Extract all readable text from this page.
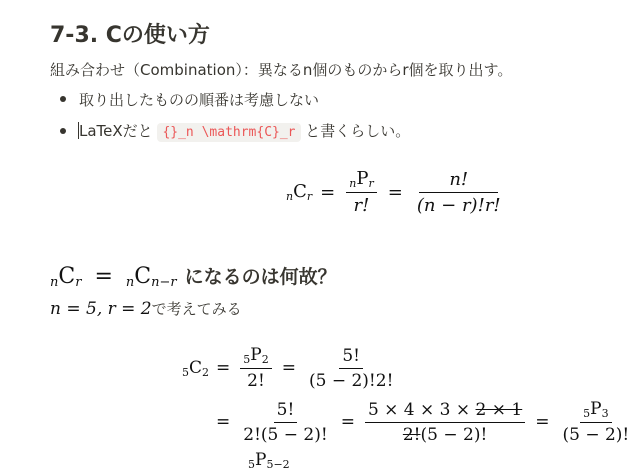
7-3. Cの使い方
組み合わせ（Combination）：異なるn個のものからr個を取り出す。
取り出したものの順番は考慮しない
LaTeXだと {}_n \mathrm{C}_r と書くらしい。
$_nC_r = \frac{_nP_r}{r!} = \frac{n!}{(n - r)!r!}$
$_nC_r = _nC_{n-r}$ になるのは何故？
n = 5, r = 2 で考えてみる
$_5C_2 = \frac{_5P_2}{2!} = \frac{5!}{(5 - 2)!2!}$
= $\frac{5!}{2!(5 - 2)!} = \frac{5 \times 4 \times 3 \times 2 \times 1}{2!(5 - 2)!} = \frac{_5P_3}{(5 - 2)!}$
$_5P_{5-2}$
